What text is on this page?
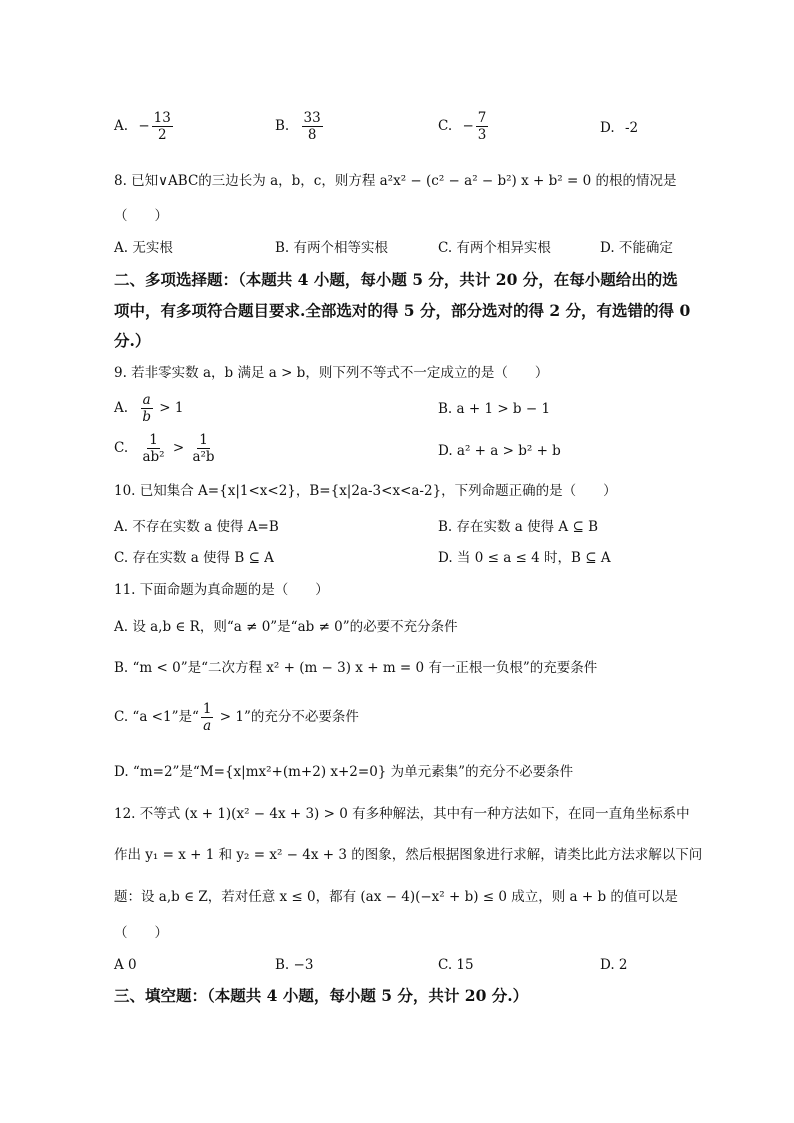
A. − $\frac{13}{2}$	B. $\frac{33}{8}$	C. − $\frac{7}{3}$	D. -2
8. 已知∨ABC的三边长为 a，b，c，则方程 a²x² − (c² − a² − b²) x + b² = 0 的根的情况是
（　　）
A. 无实根	B. 有两个相等实根	C. 有两个相异实根	D. 不能确定
二、多项选择题：（本题共 4 小题，每小题 5 分，共计 20 分，在每小题给出的选
项中，有多项符合题目要求.全部选对的得 5 分，部分选对的得 2 分，有选错的得 0
分.）
9. 若非零实数 a，b 满足 a > b，则下列不等式不一定成立的是（　　）
A. $\frac{a}{b} > 1$	B. a + 1 > b − 1
C. $\frac{1}{\text{ab²}} > \frac{1}{\text{a²b}}$	D. a² + a > b² + b
10. 已知集合 A={x|1<x<2}，B={x|2a-3<x<a-2}，下列命题正确的是（　　）
A. 不存在实数 a 使得 A=B	B. 存在实数 a 使得 A ⊆ B
C. 存在实数 a 使得 B ⊆ A	D. 当 0 ≤ a ≤ 4 时，B ⊆ A
11. 下面命题为真命题的是（　　）
A. 设 a,b ∈ R，则“a ≠ 0”是“ab ≠ 0”的必要不充分条件
B. “m < 0”是“二次方程 x² + (m − 3) x + m = 0 有一正根一负根”的充要条件
C. “a <1”是“ $\frac{1}{a} > 1$”的充分不必要条件
D. “m=2”是“M={x|mx²+(m+2) x+2=0} 为单元素集”的充分不必要条件
12. 不等式 (x + 1)(x² − 4x + 3) > 0 有多种解法，其中有一种方法如下，在同一直角坐标系中
作出 y₁ = x + 1 和 y₂ = x² − 4x + 3 的图象，然后根据图象进行求解，请类比此方法求解以下问
题：设 a,b ∈ Z，若对任意 x ≤ 0，都有 (ax − 4)(−x² + b) ≤ 0 成立，则 a + b 的值可以是
（　　）
A 0	B. −3	C. 15	D. 2
三、填空题：（本题共 4 小题，每小题 5 分，共计 20 分.）
